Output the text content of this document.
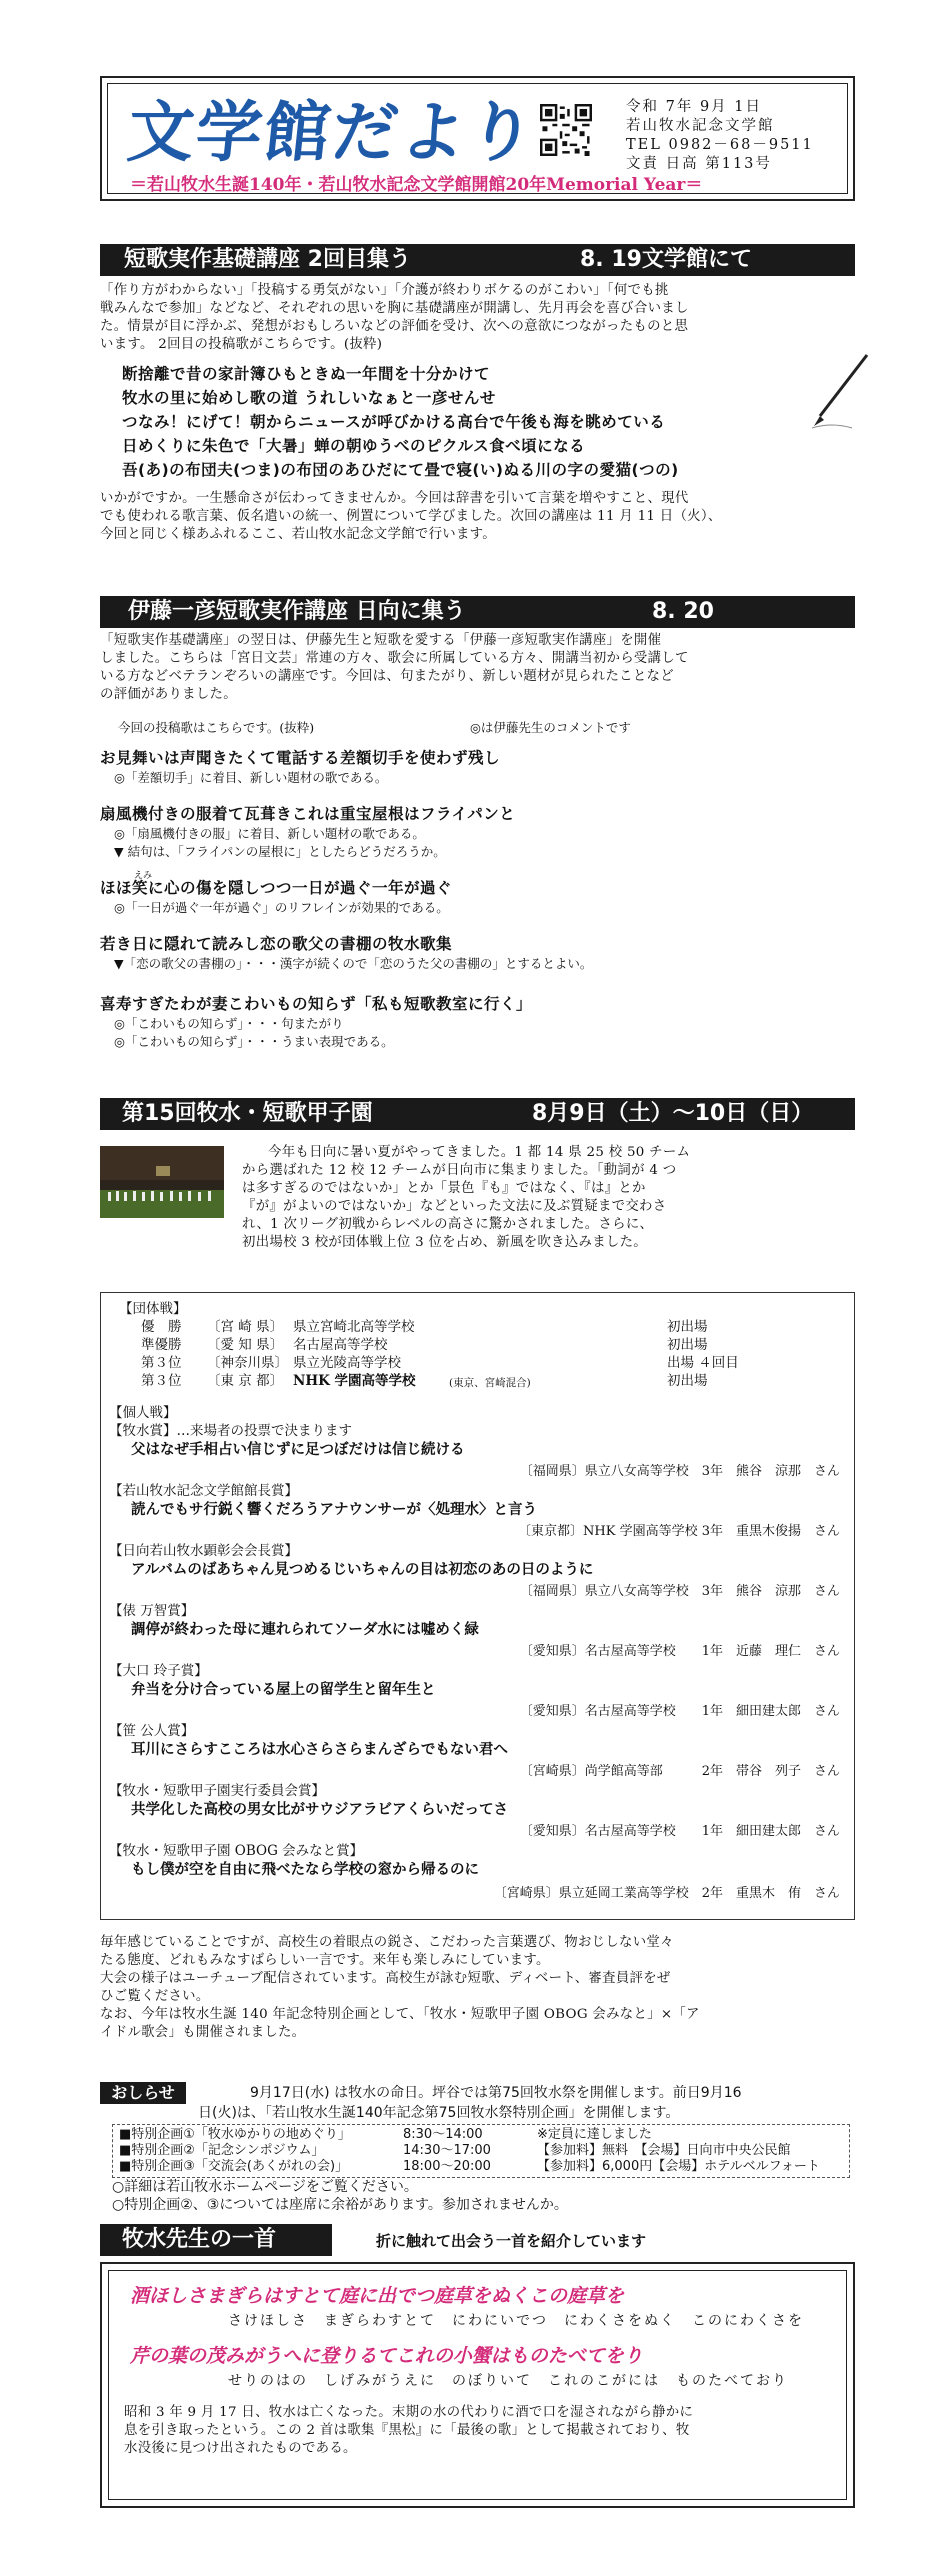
文学館だより	令和 7年 9月 1日
若山牧水記念文学館
TEL 0982－68－9511
文責 日高 第113号
＝若山牧水生誕140年・若山牧水記念文学館開館20年Memorial Year＝
短歌実作基礎講座 2回目集う	8. 19文学館にて
「作り方がわからない」「投稿する勇気がない」「介護が終わりボケるのがこわい」「何でも挑
戦みんなで参加」などなど、それぞれの思いを胸に基礎講座が開講し、先月再会を喜び合いまし
た。情景が目に浮かぶ、発想がおもしろいなどの評価を受け、次への意欲につながったものと思
います。 2回目の投稿歌がこちらです。(抜粋)
断捨離で昔の家計簿ひもときぬ一年間を十分かけて
牧水の里に始めし歌の道 うれしいなぁと一彦せんせ
つなみ！にげて！朝からニュースが呼びかける高台で午後も海を眺めている
日めくりに朱色で「大暑」蝉の朝ゆうべのピクルス食べ頃になる
吾(あ)の布団夫(つま)の布団のあひだにて畳で寝(い)ぬる川の字の愛猫(つの)
いかがですか。一生懸命さが伝わってきませんか。今回は辞書を引いて言葉を増やすこと、現代
でも使われる歌言葉、仮名遣いの統一、例置について学びました。次回の講座は 11 月 11 日（火）、
今回と同じく様あふれるここ、若山牧水記念文学館で行います。
伊藤一彦短歌実作講座 日向に集う	8. 20
「短歌実作基礎講座」の翌日は、伊藤先生と短歌を愛する「伊藤一彦短歌実作講座」を開催
しました。こちらは「宮日文芸」常連の方々、歌会に所属している方々、開講当初から受講して
いる方などベテランぞろいの講座です。今回は、句またがり、新しい題材が見られたことなど
の評価がありました。
今回の投稿歌はこちらです。(抜粋)	◎は伊藤先生のコメントです
お見舞いは声聞きたくて電話する差額切手を使わず残し
◎「差額切手」に着目、新しい題材の歌である。
扇風機付きの服着て瓦葺きこれは重宝屋根はフライパンと
◎「扇風機付きの服」に着目、新しい題材の歌である。
▼ 結句は、「フライパンの屋根に」としたらどうだろうか。
えみ
ほほ笑に心の傷を隠しつつ一日が過ぐ一年が過ぐ
◎「一日が過ぐ一年が過ぐ」のリフレインが効果的である。
若き日に隠れて読みし恋の歌父の書棚の牧水歌集
▼「恋の歌父の書棚の」・・・漢字が続くので「恋のうた父の書棚の」とするとよい。
喜寿すぎたわが妻こわいもの知らず「私も短歌教室に行く」
◎「こわいもの知らず」・・・句またがり
◎「こわいもの知らず」・・・うまい表現である。
第15回牧水・短歌甲子園	8月9日（土）～10日（日）
今年も日向に暑い夏がやってきました。1 都 14 県 25 校 50 チーム
から選ばれた 12 校 12 チームが日向市に集まりました。「動詞が 4 つ
は多すぎるのではないか」とか「景色『も』ではなく、『は』とか
『が』がよいのではないか」などといった文法に及ぶ質疑まで交わさ
れ、1 次リーグ初戦からレベルの高さに驚かされました。さらに、
初出場校 3 校が団体戦上位 3 位を占め、新風を吹き込みました。
【団体戦】
優　勝 〔宮 崎 県〕 県立宮崎北高等学校	初出場
準優勝 〔愛 知 県〕 名古屋高等学校	初出場
第３位 〔神奈川県〕 県立光陵高等学校	出場 ４回目
第３位 〔東 京 都〕 NHK 学園高等学校	(東京、宮崎混合)	初出場
【個人戦】
【牧水賞】…来場者の投票で決まります
父はなぜ手相占い信じずに足つぼだけは信じ続ける
〔福岡県〕県立八女高等学校　3年　熊谷　涼那　さん
【若山牧水記念文学館館長賞】
読んでもサ行鋭く響くだろうアナウンサーが〈処理水〉と言う
〔東京都〕NHK 学園高等学校 3年　重黒木俊揚　さん
【日向若山牧水顕彰会会長賞】
アルバムのばあちゃん見つめるじいちゃんの目は初恋のあの日のように
〔福岡県〕県立八女高等学校　3年　熊谷　涼那　さん
【俵 万智賞】
調停が終わった母に連れられてソーダ水には嘘めく緑
〔愛知県〕名古屋高等学校　　1年　近藤　理仁　さん
【大口 玲子賞】
弁当を分け合っている屋上の留学生と留年生と
〔愛知県〕名古屋高等学校　　1年　細田建太郎　さん
【笹 公人賞】
耳川にさらすこころは水心さらさらまんざらでもない君へ
〔宮崎県〕尚学館高等部　　　2年　帯谷　列子　さん
【牧水・短歌甲子園実行委員会賞】
共学化した高校の男女比がサウジアラビアくらいだってさ
〔愛知県〕名古屋高等学校　　1年　細田建太郎　さん
【牧水・短歌甲子園 OBOG 会みなと賞】
もし僕が空を自由に飛べたなら学校の窓から帰るのに
〔宮崎県〕県立延岡工業高等学校　2年　重黒木　侑　さん
毎年感じていることですが、高校生の着眼点の鋭さ、こだわった言葉選び、物おじしない堂々
たる態度、どれもみなすばらしい一言です。来年も楽しみにしています。
大会の様子はユーチューブ配信されています。高校生が詠む短歌、ディベート、審査員評をぜ
ひご覧ください。
なお、今年は牧水生誕 140 年記念特別企画として、「牧水・短歌甲子園 OBOG 会みなと」×「ア
イドル歌会」も開催されました。
おしらせ	9月17日(水) は牧水の命日。坪谷では第75回牧水祭を開催します。前日9月16
日(火)は、「若山牧水生誕140年記念第75回牧水祭特別企画」を開催します。
■特別企画①「牧水ゆかりの地めぐり」	8:30～14:00	※定員に達しました
■特別企画②「記念シンポジウム」	14:30～17:00	【参加料】無料　【会場】日向市中央公民館
■特別企画③「交流会(あくがれの会)」	18:00～20:00	【参加料】6,000円【会場】ホテルベルフォート
○詳細は若山牧水ホームページをご覧ください。
○特別企画②、③については座席に余裕があります。参加されませんか。
牧水先生の一首	折に触れて出会う一首を紹介しています
酒ほしさまぎらはすとて庭に出でつ庭草をぬくこの庭草を
さけほしさ　まぎらわすとて　にわにいでつ　にわくさをぬく　このにわくさを
芹の葉の茂みがうへに登りるてこれの小蟹はものたべてをり
せりのはの　しげみがうえに　のぼりいて　これのこがには　ものたべており
昭和 3 年 9 月 17 日、牧水は亡くなった。末期の水の代わりに酒で口を湿されながら静かに
息を引き取ったという。この 2 首は歌集『黒松』に「最後の歌」として掲載されており、牧
水没後に見つけ出されたものである。
